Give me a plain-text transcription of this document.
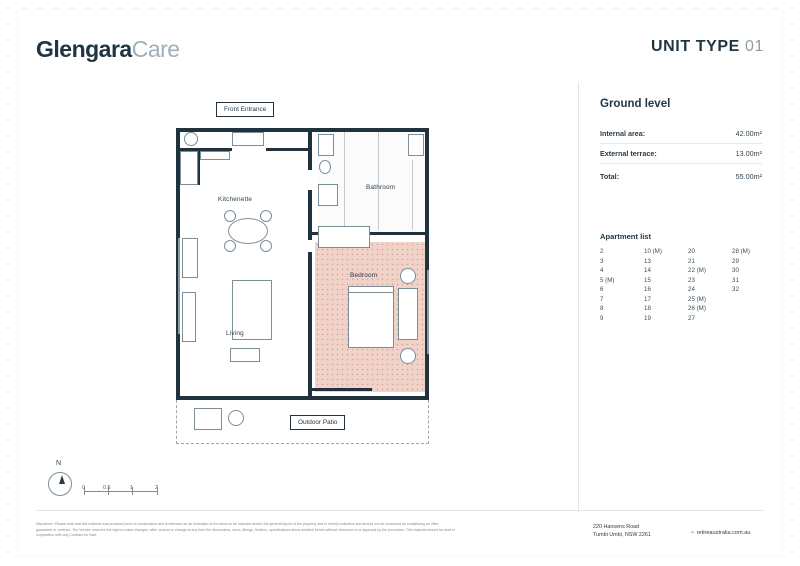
GlengaraCare	UNIT TYPE 01
Ground level
Internal area:	42.00m²
External terrace:	13.00m²
Total:	55.00m²
Apartment list
2	10 (M)	20	28 (M)
3	13	21	29
4	14	22 (M)	30
5 (M)	15	23	31
6	16	24	32
7	17	25 (M)
8	18	26 (M)
9	19	27
Kitchenette
Bathroom
Bedroom
Living
Front Entrance
Outdoor Patio
N
0	0.5	1	2
Disclaimer: Please note that this material was produced prior to construction and is intended as an indication of the items to be included and/or the general layout of the property and is merely indicative and should not be construed as constituting an offer, guarantee or contract. The Vendor reserves the right to make changes, alter, amend or change at any time the dimensions, sizes, fittings, finishes, specifications items detailed herein without reference to or approval by the purchaser. This material should be read in conjunction with any Contract for Sale.
220 Hansens Road
Tumbi Umbi, NSW 2261	❧ retireaustralia.com.au
